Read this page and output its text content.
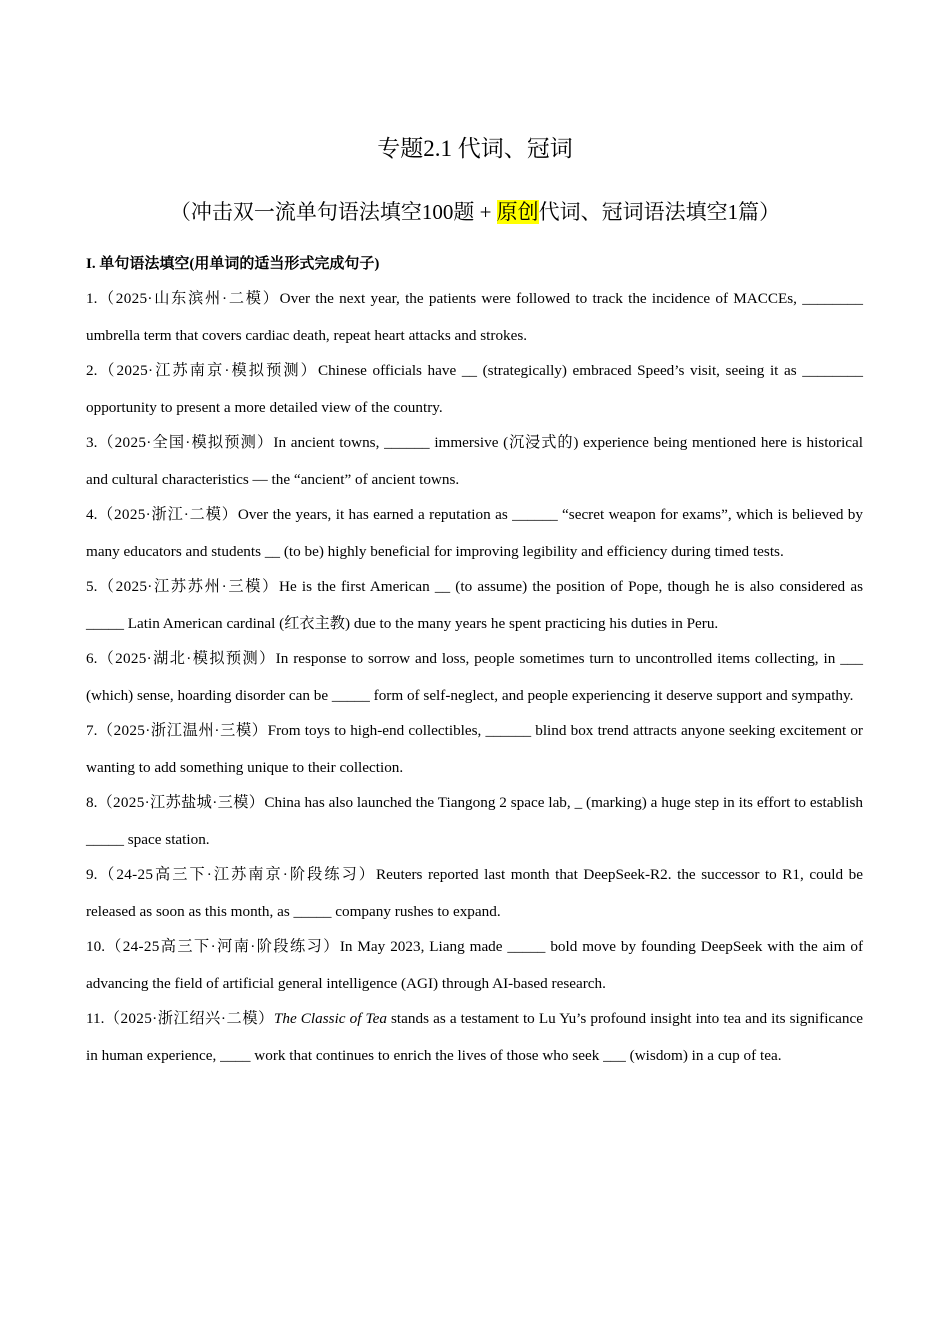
专题2.1 代词、冠词
（冲击双一流单句语法填空100题 + 原创代词、冠词语法填空1篇）
I. 单句语法填空(用单词的适当形式完成句子)

1.（2025·山东滨州·二模）Over the next year, the patients were followed to track the incidence of MACCEs, ________ umbrella term that covers cardiac death, repeat heart attacks and strokes.

2.（2025·江苏南京·模拟预测）Chinese officials have __ (strategically) embraced Speed’s visit, seeing it as ________ opportunity to present a more detailed view of the country.

3.（2025·全国·模拟预测）In ancient towns, ______ immersive (沉浸式的) experience being mentioned here is historical and cultural characteristics — the “ancient” of ancient towns.

4.（2025·浙江·二模）Over the years, it has earned a reputation as ______ “secret weapon for exams”, which is believed by many educators and students __ (to be) highly beneficial for improving legibility and efficiency during timed tests.

5.（2025·江苏苏州·三模）He is the first American __ (to assume) the position of Pope, though he is also considered as _____ Latin American cardinal (红衣主教) due to the many years he spent practicing his duties in Peru.

6.（2025·湖北·模拟预测）In response to sorrow and loss, people sometimes turn to uncontrolled items collecting, in ___ (which) sense, hoarding disorder can be _____ form of self-neglect, and people experiencing it deserve support and sympathy.

7.（2025·浙江温州·三模）From toys to high-end collectibles, ______ blind box trend attracts anyone seeking excitement or wanting to add something unique to their collection.

8.（2025·江苏盐城·三模）China has also launched the Tiangong 2 space lab, _ (marking) a huge step in its effort to establish _____ space station.

9.（24-25高三下·江苏南京·阶段练习）Reuters reported last month that DeepSeek-R2. the successor to R1, could be released as soon as this month, as _____ company rushes to expand.

10.（24-25高三下·河南·阶段练习）In May 2023, Liang made _____ bold move by founding DeepSeek with the aim of advancing the field of artificial general intelligence (AGI) through AI-based research.

11.（2025·浙江绍兴·二模）The Classic of Tea stands as a testament to Lu Yu’s profound insight into tea and its significance in human experience, ____ work that continues to enrich the lives of those who seek ___ (wisdom) in a cup of tea.
